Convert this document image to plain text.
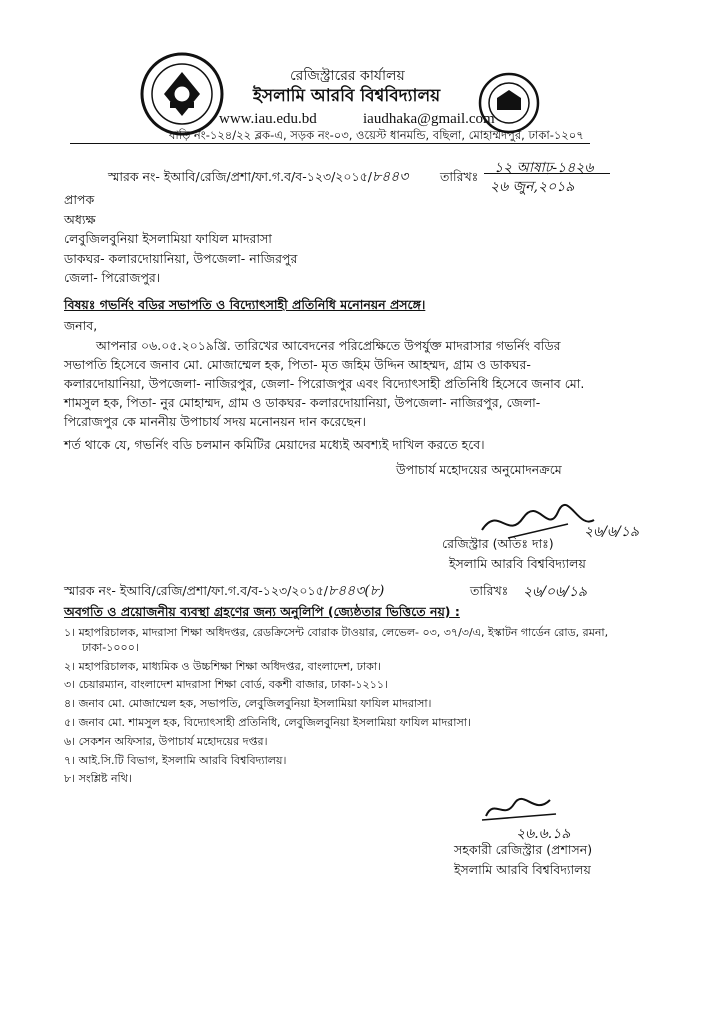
রেজিস্ট্রারের কার্যালয়
ইসলামি আরবি বিশ্ববিদ্যালয়
www.iau.edu.bd	iaudhaka@gmail.com
বাড়ি নং-১২৪/২২ ব্লক-এ, সড়ক নং-০৩, ওয়েস্ট ধানমন্ডি, বছিলা, মোহাম্মদপুর, ঢাকা-১২০৭
স্মারক নং- ইআবি/রেজি/প্রশা/ফা.গ.ব/ব-১২৩/২০১৫/৮৪৪৩	তারিখঃ
১২ আষাঢ়-১৪২৬
২৬ জুন,২০১৯
প্রাপক
অধ্যক্ষ
লেবুজিলবুনিয়া ইসলামিয়া ফাযিল মাদরাসা
ডাকঘর- কলারদোয়ানিয়া, উপজেলা- নাজিরপুর
জেলা- পিরোজপুর।
বিষয়ঃ গভর্নিং বডির সভাপতি ও বিদ্যোৎসাহী প্রতিনিধি মনোনয়ন প্রসঙ্গে।
জনাব,
আপনার ০৬.০৫.২০১৯খ্রি. তারিখের আবেদনের পরিপ্রেক্ষিতে উপর্যুক্ত মাদরাসার গভর্নিং বডির
সভাপতি হিসেবে জনাব মো. মোজাম্মেল হক, পিতা- মৃত জহিম উদ্দিন আহম্মদ, গ্রাম ও ডাকঘর-
কলারদোয়ানিয়া, উপজেলা- নাজিরপুর, জেলা- পিরোজপুর এবং বিদ্যোৎসাহী প্রতিনিধি হিসেবে জনাব মো.
শামসুল হক, পিতা- নুর মোহাম্মদ, গ্রাম ও ডাকঘর- কলারদোয়ানিয়া, উপজেলা- নাজিরপুর, জেলা-
পিরোজপুর কে মাননীয় উপাচার্য সদয় মনোনয়ন দান করেছেন।
শর্ত থাকে যে, গভর্নিং বডি চলমান কমিটির মেয়াদের মধ্যেই অবশ্যই দাখিল করতে হবে।
উপাচার্য মহোদয়ের অনুমোদনক্রমে
২৬/৬/১৯
রেজিস্ট্রার (অতিঃ দাঃ)
ইসলামি আরবি বিশ্ববিদ্যালয়
স্মারক নং- ইআবি/রেজি/প্রশা/ফা.গ.ব/ব-১২৩/২০১৫/৮৪৪৩(৮)	তারিখঃ ২৬/০৬/১৯
অবগতি ও প্রয়োজনীয় ব্যবস্থা গ্রহণের জন্য অনুলিপি (জ্যেষ্ঠতার ভিত্তিতে নয়) :
১। মহাপরিচালক, মাদরাসা শিক্ষা অধিদপ্তর, রেডক্রিসেন্ট বোরাক টাওয়ার, লেভেল- ০৩, ৩৭/৩/এ, ইস্কাটন গার্ডেন রোড, রমনা,
ঢাকা-১০০০।
২। মহাপরিচালক, মাধ্যমিক ও উচ্চশিক্ষা শিক্ষা অধিদপ্তর, বাংলাদেশ, ঢাকা।
৩। চেয়ারম্যান, বাংলাদেশ মাদরাসা শিক্ষা বোর্ড, বকশী বাজার, ঢাকা-১২১১।
৪। জনাব মো. মোজাম্মেল হক, সভাপতি, লেবুজিলবুনিয়া ইসলামিয়া ফাযিল মাদরাসা।
৫। জনাব মো. শামসুল হক, বিদ্যোৎসাহী প্রতিনিধি, লেবুজিলবুনিয়া ইসলামিয়া ফাযিল মাদরাসা।
৬। সেকশন অফিসার, উপাচার্য মহোদয়ের দপ্তর।
৭। আই.সি.টি বিভাগ, ইসলামি আরবি বিশ্ববিদ্যালয়।
৮। সংশ্লিষ্ট নথি।
২৬.৬.১৯
সহকারী রেজিস্ট্রার (প্রশাসন)
ইসলামি আরবি বিশ্ববিদ্যালয়
